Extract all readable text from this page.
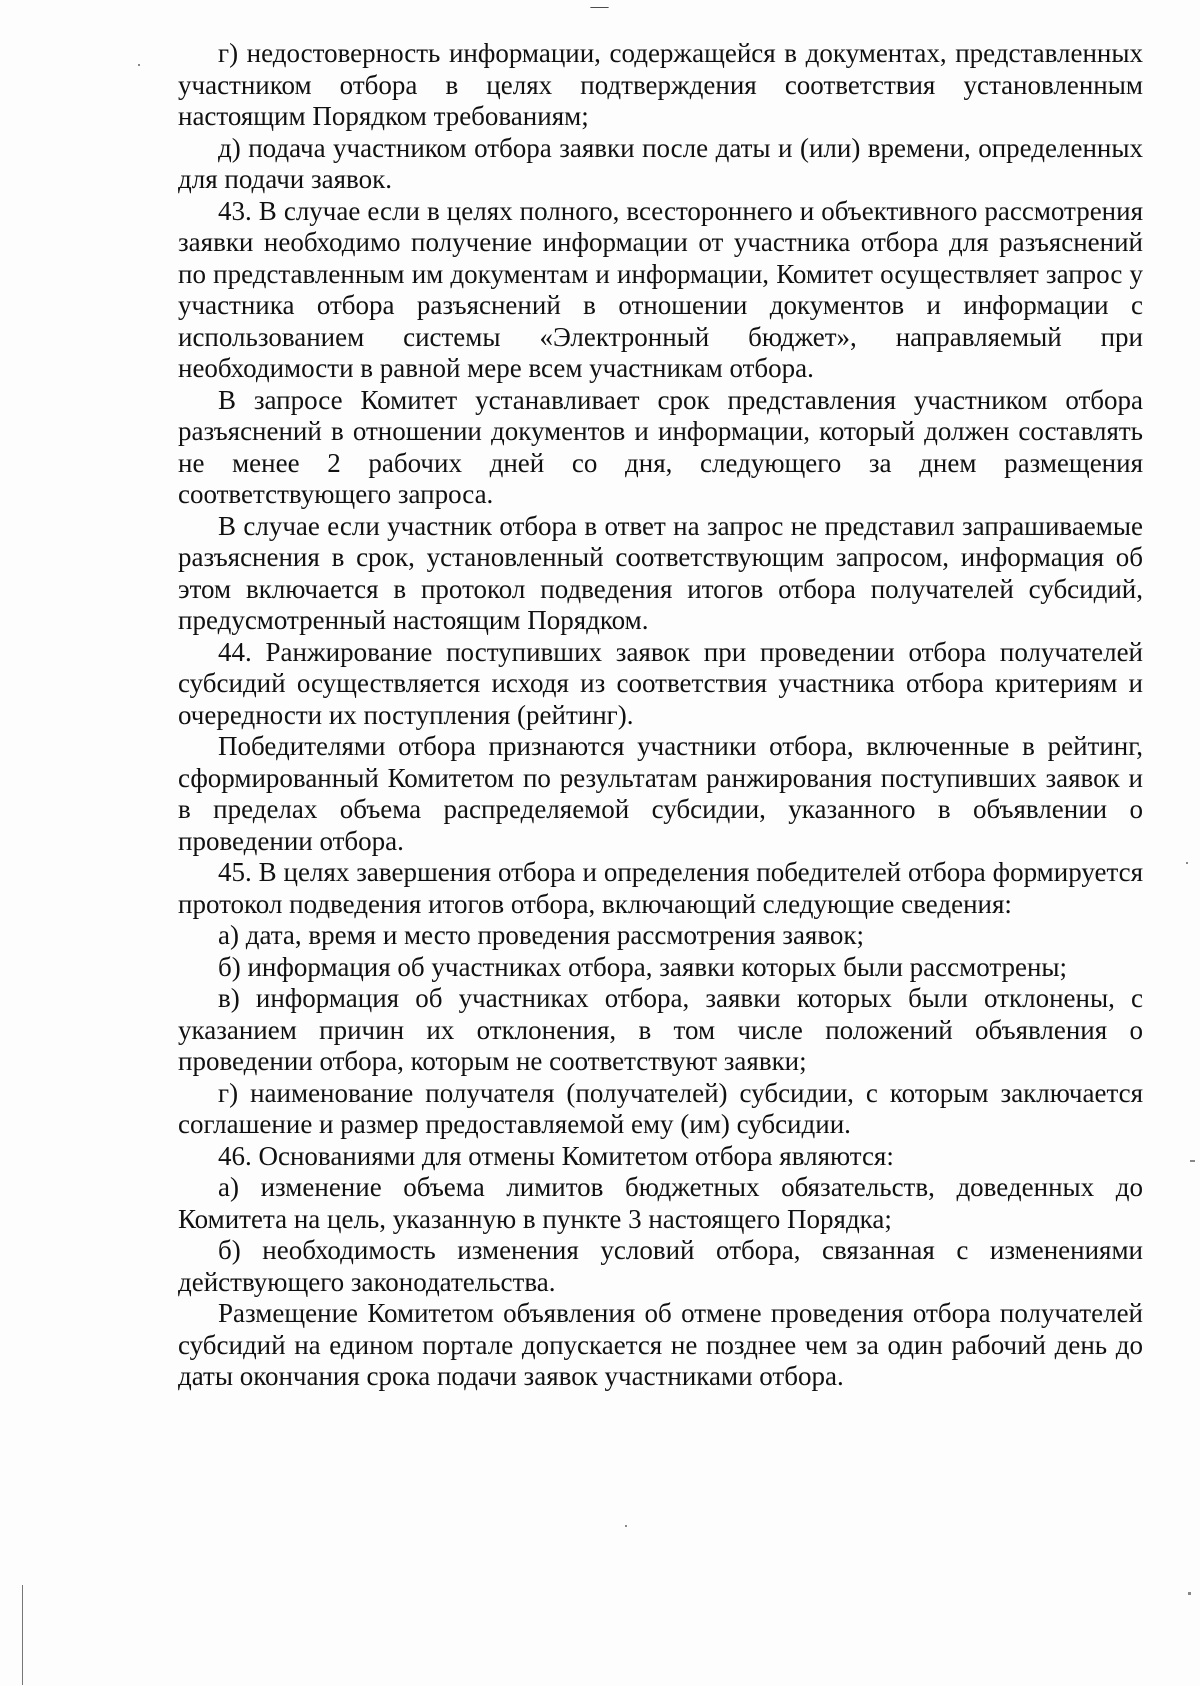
—

г) недостоверность информации, содержащейся в документах, представленных участником отбора в целях подтверждения соответствия установленным настоящим Порядком требованиям;

д) подача участником отбора заявки после даты и (или) времени, определенных для подачи заявок.

43. В случае если в целях полного, всестороннего и объективного рассмотрения заявки необходимо получение информации от участника отбора для разъяснений по представленным им документам и информации, Комитет осуществляет запрос у участника отбора разъяснений в отношении документов и информации с использованием системы «Электронный бюджет», направляемый при необходимости в равной мере всем участникам отбора.

В запросе Комитет устанавливает срок представления участником отбора разъяснений в отношении документов и информации, который должен составлять не менее 2 рабочих дней со дня, следующего за днем размещения соответствующего запроса.

В случае если участник отбора в ответ на запрос не представил запрашиваемые разъяснения в срок, установленный соответствующим запросом, информация об этом включается в протокол подведения итогов отбора получателей субсидий, предусмотренный настоящим Порядком.

44. Ранжирование поступивших заявок при проведении отбора получателей субсидий осуществляется исходя из соответствия участника отбора критериям и очередности их поступления (рейтинг).

Победителями отбора признаются участники отбора, включенные в рейтинг, сформированный Комитетом по результатам ранжирования поступивших заявок и в пределах объема распределяемой субсидии, указанного в объявлении о проведении отбора.

45. В целях завершения отбора и определения победителей отбора формируется протокол подведения итогов отбора, включающий следующие сведения:

а) дата, время и место проведения рассмотрения заявок;

б) информация об участниках отбора, заявки которых были рассмотрены;

в) информация об участниках отбора, заявки которых были отклонены, с указанием причин их отклонения, в том числе положений объявления о проведении отбора, которым не соответствуют заявки;

г) наименование получателя (получателей) субсидии, с которым заключается соглашение и размер предоставляемой ему (им) субсидии.

46. Основаниями для отмены Комитетом отбора являются:

а) изменение объема лимитов бюджетных обязательств, доведенных до Комитета на цель, указанную в пункте 3 настоящего Порядка;

б) необходимость изменения условий отбора, связанная с изменениями действующего законодательства.

Размещение Комитетом объявления об отмене проведения отбора получателей субсидий на едином портале допускается не позднее чем за один рабочий день до даты окончания срока подачи заявок участниками отбора.
